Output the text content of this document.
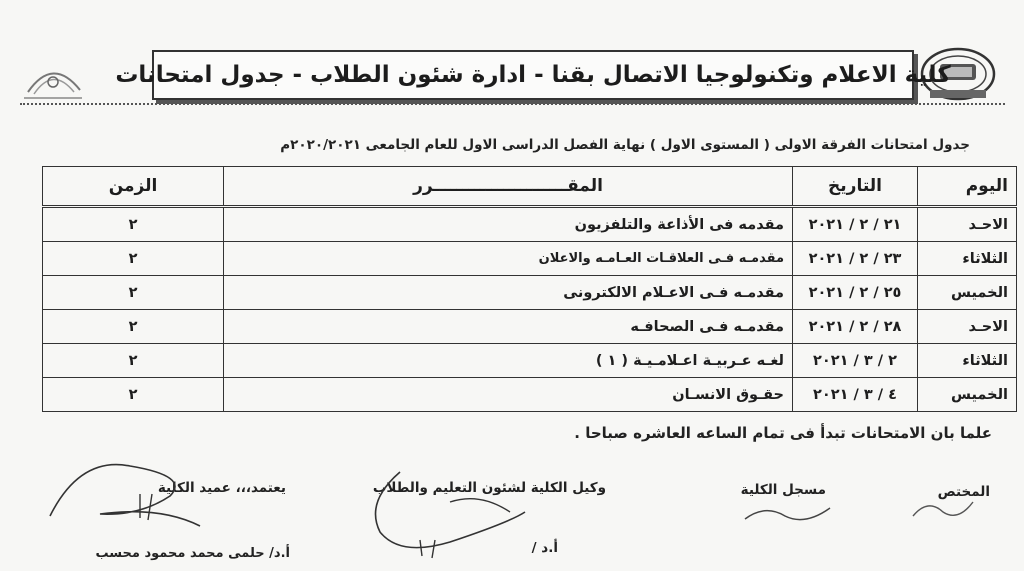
كلية الاعلام وتكنولوجيا الاتصال بقنا - ادارة شئون الطلاب - جدول امتحانات
جدول امتحانات الفرقة الاولى ( المستوى الاول ) نهاية الفصل الدراسى الاول للعام الجامعى ٢٠٢٠/٢٠٢١م
اليوم	التاريخ	المقـــــــــــــــــــــــرر	الزمن
الاحـد	٢١ / ٢ / ٢٠٢١	مقدمه فى الأذاعة والتلفزيون	٢
الثلاثاء	٢٣ / ٢ / ٢٠٢١	مقدمـه فـى العلاقـات العـامـه والاعلان	٢
الخميس	٢٥ / ٢ / ٢٠٢١	مقدمـه فـى الاعـلام الالكترونى	٢
الاحـد	٢٨ / ٢ / ٢٠٢١	مقدمـه فـى الصحافـه	٢
الثلاثاء	٢ / ٣ / ٢٠٢١	لغـه عـربيـة اعـلامـيـة ( ١ )	٢
الخميس	٤ / ٣ / ٢٠٢١	حقـوق الانسـان	٢
علما بان الامتحانات تبدأ فى تمام الساعه العاشره صباحا .
المختص
مسجل الكلية
وكيل الكلية لشئون التعليم والطلاب
أ.د /
يعتمد،،، عميد الكلية
أ.د/ حلمى محمد محمود محسب
